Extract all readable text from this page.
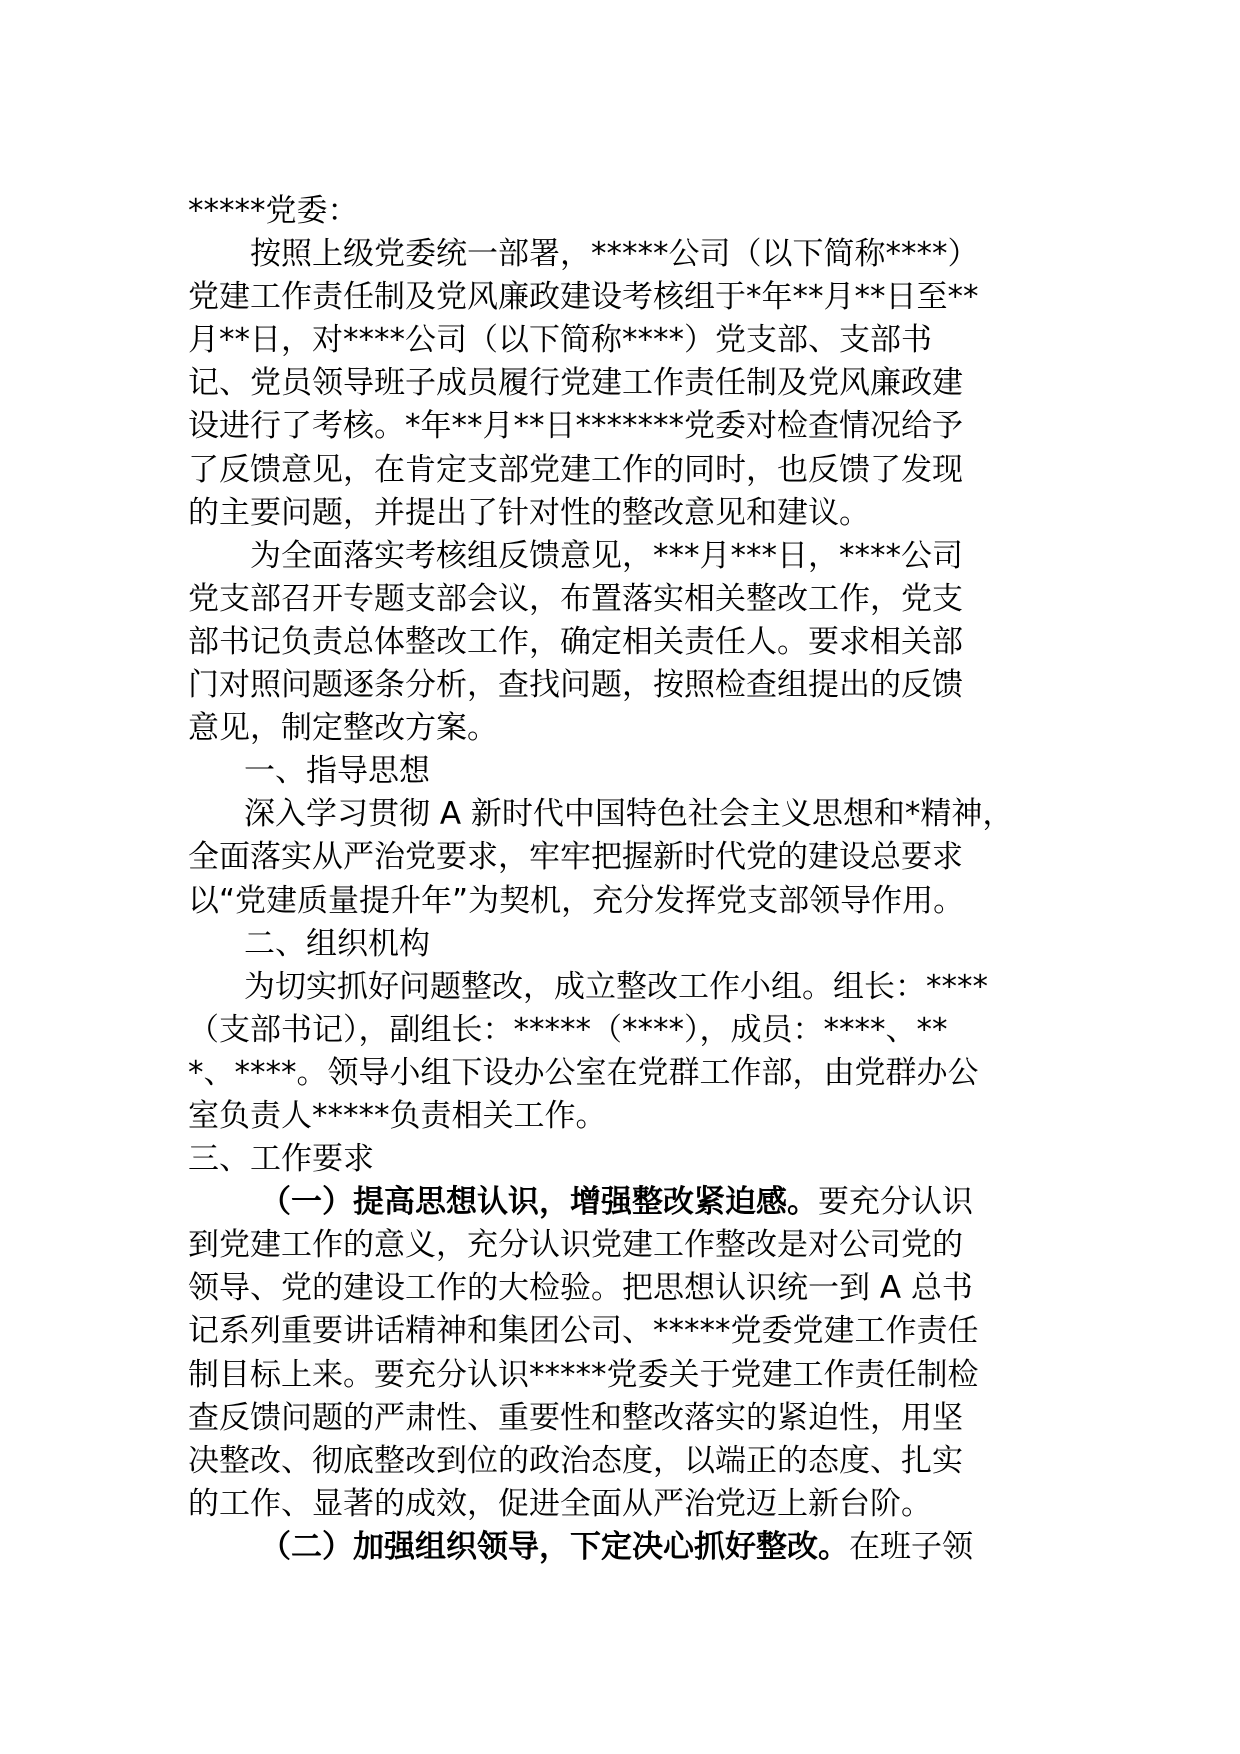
*****党委：
按照上级党委统一部署，*****公司（以下简称****）
党建工作责任制及党风廉政建设考核组于*年**月**日至**
月**日，对****公司（以下简称****）党支部、支部书
记、党员领导班子成员履行党建工作责任制及党风廉政建
设进行了考核。*年**月**日*******党委对检查情况给予
了反馈意见，在肯定支部党建工作的同时，也反馈了发现
的主要问题，并提出了针对性的整改意见和建议。
为全面落实考核组反馈意见，***月***日，****公司
党支部召开专题支部会议，布置落实相关整改工作，党支
部书记负责总体整改工作，确定相关责任人。要求相关部
门对照问题逐条分析，查找问题，按照检查组提出的反馈
意见，制定整改方案。
一、指导思想
深入学习贯彻 A 新时代中国特色社会主义思想和*精神，
全面落实从严治党要求，牢牢把握新时代党的建设总要求
以“党建质量提升年”为契机，充分发挥党支部领导作用。
二、组织机构
为切实抓好问题整改，成立整改工作小组。组长：****
（支部书记），副组长：*****（****），成员：****、**
*、****。领导小组下设办公室在党群工作部，由党群办公
室负责人*****负责相关工作。
三、工作要求
（一）提高思想认识，增强整改紧迫感。要充分认识
到党建工作的意义，充分认识党建工作整改是对公司党的
领导、党的建设工作的大检验。把思想认识统一到 A 总书
记系列重要讲话精神和集团公司、*****党委党建工作责任
制目标上来。要充分认识*****党委关于党建工作责任制检
查反馈问题的严肃性、重要性和整改落实的紧迫性，用坚
决整改、彻底整改到位的政治态度，以端正的态度、扎实
的工作、显著的成效，促进全面从严治党迈上新台阶。
（二）加强组织领导，下定决心抓好整改。在班子领
